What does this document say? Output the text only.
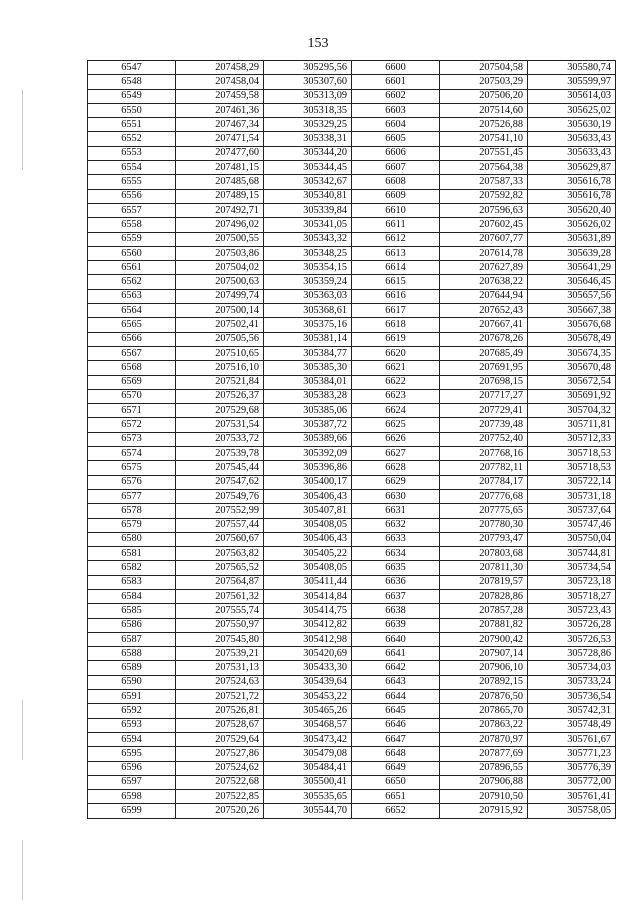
153
6547	207458,29	305295,56	6600	207504,58	305580,74
6548	207458,04	305307,60	6601	207503,29	305599,97
6549	207459,58	305313,09	6602	207506,20	305614,03
6550	207461,36	305318,35	6603	207514,60	305625,02
6551	207467,34	305329,25	6604	207526,88	305630,19
6552	207471,54	305338,31	6605	207541,10	305633,43
6553	207477,60	305344,20	6606	207551,45	305633,43
6554	207481,15	305344,45	6607	207564,38	305629,87
6555	207485,68	305342,67	6608	207587,33	305616,78
6556	207489,15	305340,81	6609	207592,82	305616,78
6557	207492,71	305339,84	6610	207596,63	305620,40
6558	207496,02	305341,05	6611	207602,45	305626,02
6559	207500,55	305343,32	6612	207607,77	305631,89
6560	207503,86	305348,25	6613	207614,78	305639,28
6561	207504,02	305354,15	6614	207627,89	305641,29
6562	207500,63	305359,24	6615	207638,22	305646,45
6563	207499,74	305363,03	6616	207644,94	305657,56
6564	207500,14	305368,61	6617	207652,43	305667,38
6565	207502,41	305375,16	6618	207667,41	305676,68
6566	207505,56	305381,14	6619	207678,26	305678,49
6567	207510,65	305384,77	6620	207685,49	305674,35
6568	207516,10	305385,30	6621	207691,95	305670,48
6569	207521,84	305384,01	6622	207698,15	305672,54
6570	207526,37	305383,28	6623	207717,27	305691,92
6571	207529,68	305385,06	6624	207729,41	305704,32
6572	207531,54	305387,72	6625	207739,48	305711,81
6573	207533,72	305389,66	6626	207752,40	305712,33
6574	207539,78	305392,09	6627	207768,16	305718,53
6575	207545,44	305396,86	6628	207782,11	305718,53
6576	207547,62	305400,17	6629	207784,17	305722,14
6577	207549,76	305406,43	6630	207776,68	305731,18
6578	207552,99	305407,81	6631	207775,65	305737,64
6579	207557,44	305408,05	6632	207780,30	305747,46
6580	207560,67	305406,43	6633	207793,47	305750,04
6581	207563,82	305405,22	6634	207803,68	305744,81
6582	207565,52	305408,05	6635	207811,30	305734,54
6583	207564,87	305411,44	6636	207819,57	305723,18
6584	207561,32	305414,84	6637	207828,86	305718,27
6585	207555,74	305414,75	6638	207857,28	305723,43
6586	207550,97	305412,82	6639	207881,82	305726,28
6587	207545,80	305412,98	6640	207900,42	305726,53
6588	207539,21	305420,69	6641	207907,14	305728,86
6589	207531,13	305433,30	6642	207906,10	305734,03
6590	207524,63	305439,64	6643	207892,15	305733,24
6591	207521,72	305453,22	6644	207876,50	305736,54
6592	207526,81	305465,26	6645	207865,70	305742,31
6593	207528,67	305468,57	6646	207863,22	305748,49
6594	207529,64	305473,42	6647	207870,97	305761,67
6595	207527,86	305479,08	6648	207877,69	305771,23
6596	207524,62	305484,41	6649	207896,55	305776,39
6597	207522,68	305500,41	6650	207906,88	305772,00
6598	207522,85	305535,65	6651	207910,50	305761,41
6599	207520,26	305544,70	6652	207915,92	305758,05
